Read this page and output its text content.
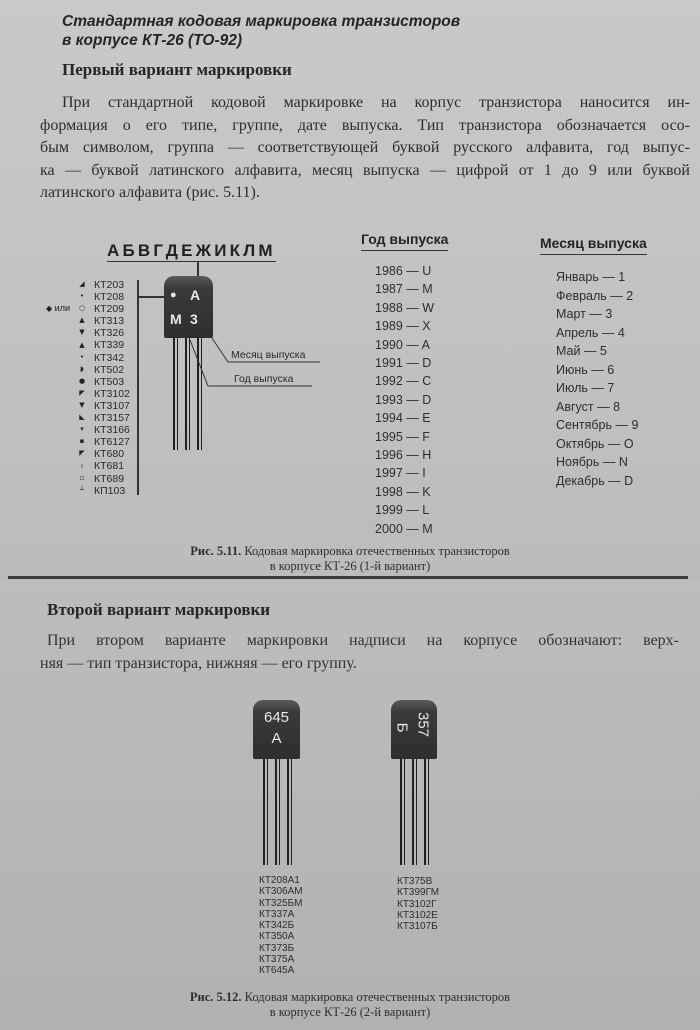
Стандартная кодовая маркировка транзисторов
в корпусе КТ-26 (ТО-92)
Первый вариант маркировки
При стандартной кодовой маркировке на корпус транзистора наносится ин-
формация о его типе, группе, дате выпуска. Тип транзистора обозначается осо-
бым символом, группа — соответствующей буквой русского алфавита, год выпус-
ка — буквой латинского алфавита, месяц выпуска — цифрой от 1 до 9 или буквой
латинского алфавита (рис. 5.11).
АБВГДЕЖИКЛМ
◢
•
○
▲
▼
▲
•
◗
●
◤
▼
◣
▾
▪
◤
ı
▫
┴
◆ или
КТ203
КТ208
КТ209
КТ313
КТ326
КТ339
КТ342
КТ502
КТ503
КТ3102
КТ3107
КТ3157
КТ3166
КТ6127
КТ680
КТ681
КТ689
КП103
● А
М 3
Месяц выпуска
Год выпуска
Год выпуска
1986 — U
1987 — M
1988 — W
1989 — X
1990 — A
1991 — D
1992 — C
1993 — D
1994 — E
1995 — F
1996 — H
1997 — I
1998 — K
1999 — L
2000 — M
Месяц выпуска
Январь — 1
Февраль — 2
Март — 3
Апрель — 4
Май — 5
Июнь — 6
Июль — 7
Август — 8
Сентябрь — 9
Октябрь — O
Ноябрь — N
Декабрь — D
Рис. 5.11. Кодовая маркировка отечественных транзисторов
в корпусе КТ-26 (1-й вариант)

Второй вариант маркировки
При втором варианте маркировки надписи на корпусе обозначают: верх-
няя — тип транзистора, нижняя — его группу.
645
А
357
Б
КТ208А1
КТ306АМ
КТ325БМ
КТ337А
КТ342Б
КТ350А
КТ373Б
КТ375А
КТ645А
КТ375В
КТ399ГМ
КТ3102Г
КТ3102Е
КТ3107Б
Рис. 5.12. Кодовая маркировка отечественных транзисторов
в корпусе КТ-26 (2-й вариант)
